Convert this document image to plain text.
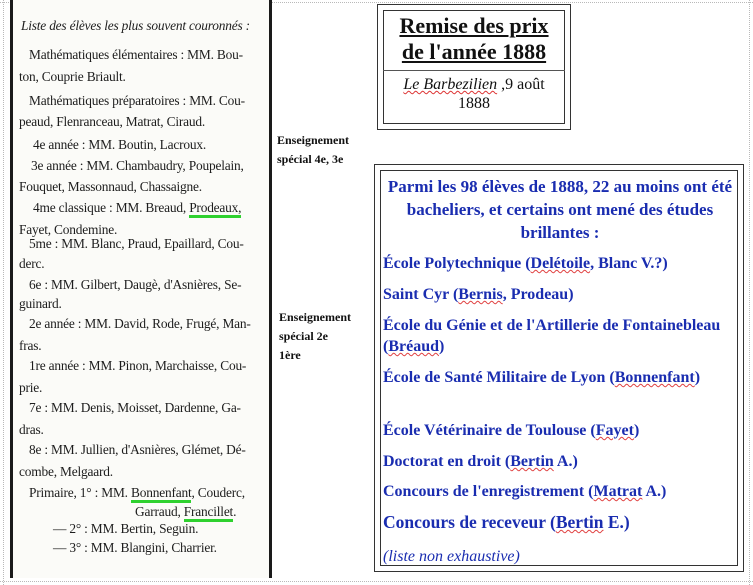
Liste des élèves les plus souvent couronnés :
Mathématiques élémentaires : MM. Bou-
ton, Couprie Briault.
Mathématiques préparatoires : MM. Cou-
peaud, Flenranceau, Matrat, Ciraud.
4e année : MM. Boutin, Lacroux.
3e année : MM. Chambaudry, Poupelain,
Fouquet, Massonnaud, Chassaigne.
4me classique : MM. Breaud, Prodeaux,
Fayet, Condemine.
5me : MM. Blanc, Praud, Epaillard, Cou-
derc.
6e : MM. Gilbert, Daugè, d'Asnières, Se-
guinard.
2e année : MM. David, Rode, Frugé, Man-
fras.
1re année : MM. Pinon, Marchaisse, Cou-
prie.
7e : MM. Denis, Moisset, Dardenne, Ga-
dras.
8e : MM. Jullien, d'Asnières, Glémet, Dé-
combe, Melgaard.
Primaire, 1° : MM. Bonnenfant, Couderc,
Garraud, Francillet.
— 2° : MM. Bertin, Seguin.
— 3° : MM. Blangini, Charrier.
Enseignement
spécial 4e, 3e
Enseignement
spécial 2e
1ère
Remise des prix
de l'année 1888
Le Barbezilien ,9 août
1888
Parmi les 98 élèves de 1888, 22 au moins ont été bacheliers, et certains ont mené des études brillantes :
École Polytechnique (Delétoile, Blanc V.?)
Saint Cyr (Bernis, Prodeau)
École du Génie et de l'Artillerie de Fontainebleau (Bréaud)
École de Santé Militaire de Lyon (Bonnenfant)
École Vétérinaire de Toulouse (Fayet)
Doctorat en droit (Bertin A.)
Concours de l'enregistrement (Matrat A.)
Concours de receveur (Bertin E.)
(liste non exhaustive)
